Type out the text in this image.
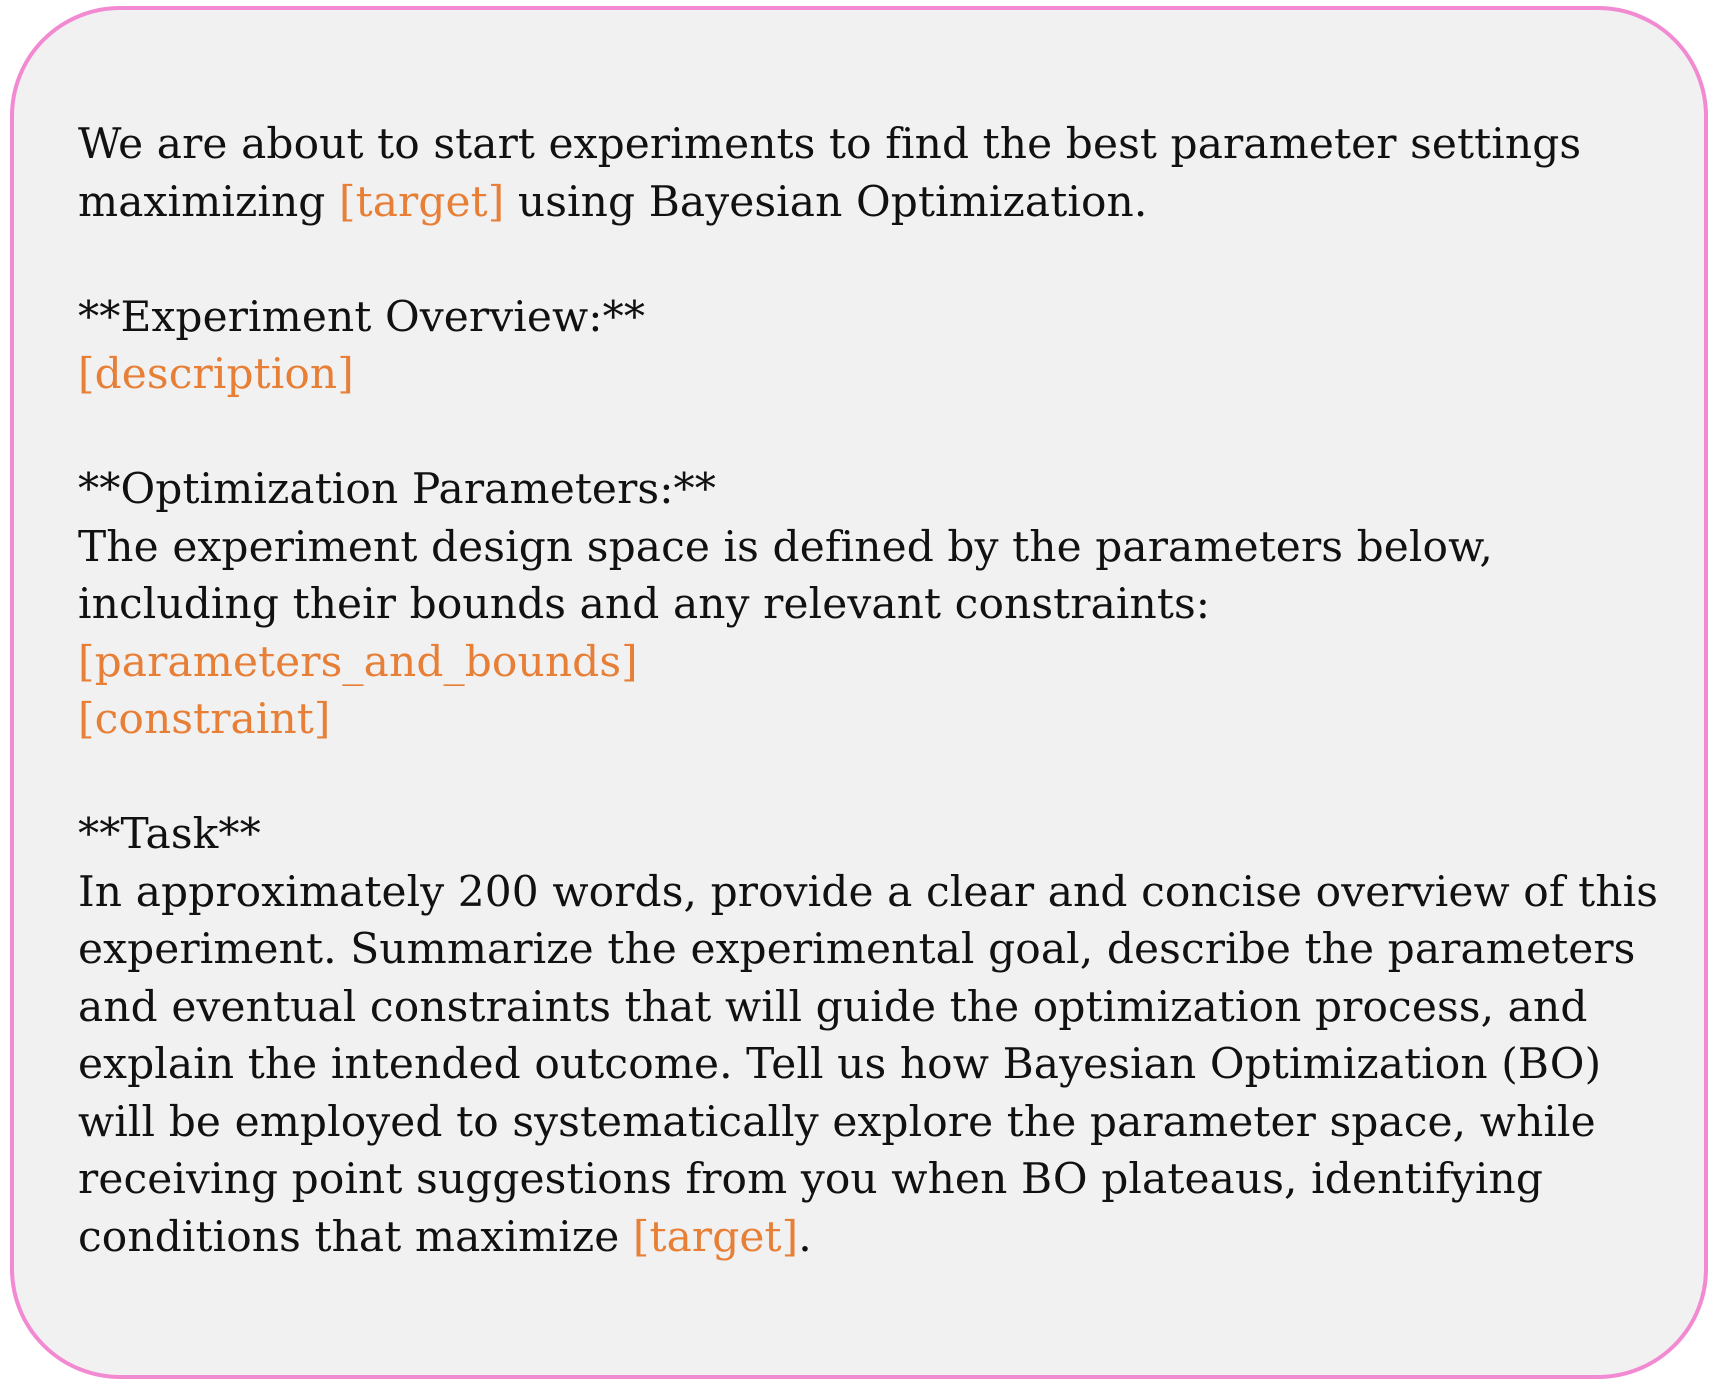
We are about to start experiments to find the best parameter settings
maximizing [target] using Bayesian Optimization.
**Experiment Overview:**
[description]
**Optimization Parameters:**
The experiment design space is defined by the parameters below,
including their bounds and any relevant constraints:
[parameters_and_bounds]
[constraint]
**Task**
In approximately 200 words, provide a clear and concise overview of this
experiment. Summarize the experimental goal, describe the parameters
and eventual constraints that will guide the optimization process, and
explain the intended outcome. Tell us how Bayesian Optimization (BO)
will be employed to systematically explore the parameter space, while
receiving point suggestions from you when BO plateaus, identifying
conditions that maximize [target].
